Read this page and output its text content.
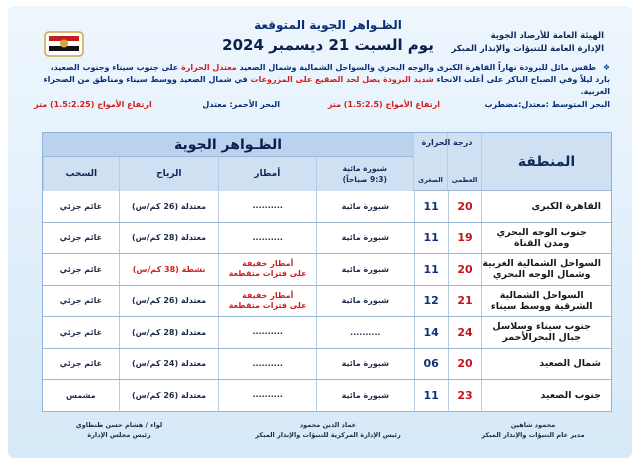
الهيئة العامة للأرصاد الجوية
الإدارة العامة للتنبؤات والإنذار المبكر
الظـواهر الجوية المتوقعة
يوم السبت 21 ديسمبر 2024
❖ طقس مائل للبرودة نهاراً القاهرة الكبرى والوجه البحري والسواحل الشمالية وشمال الصعيد معتدل الحرارة على جنوب سيناء وجنوب الصعيد،
بارد ليلاً وفي الصباح الباكر على أغلب الانحاء شديد البرودة يصل لحد الصقيع على المزروعات في شمال الصعيد ووسط سيناء ومناطق من الصحراء الغربية.
البحر المتوسط :معتدل:مضطرب
ارتفاع الأمواج (1.5:2.5) متر
البحر الأحمر: معتدل
ارتفاع الأمواج (1.5:2.25) متر
المنطقة
العظمى
الصغرى
الظـواهر الجوية
السحب	الرياح	أمطار
شبورة مائية
(9:3 صباحاً)
درجة الحرارة
القاهرة الكبرى
20
11
شبورة مائية
..........
معتدلة (26 كم/س)
غائم جزئي
جنوب الوجه البحري ومدن القناة
19
11
شبورة مائية
..........
معتدلة (28 كم/س)
غائم جزئي
السواحل الشمالية الغربية وشمال الوجه البحري
20
11
شبورة مائية
أمطار خفيفة
على فترات متقطعة
نشطة (38 كم/س)
غائم جزئي
السواحل الشمالية الشرقية ووسط سيناء
21
12
شبورة مائية
أمطار خفيفة
على فترات متقطعة
معتدلة (26 كم/س)
غائم جزئي
جنوب سيناء وسلاسل جبال البحرالأحمر
24
14
..........
..........
معتدلة (28 كم/س)
غائم جزئي
شمال الصعيد
20
06
شبورة مائية
..........
معتدلة (24 كم/س)
غائم جزئي
جنوب الصعيد
23
11
شبورة مائية
..........
معتدلة (26 كم/س)
مشمس
محمود شاهين
مدير عام التنبؤات والإنذار المبكر
عماد الدين محمود
رئيس الإدارة المركزية للتنبؤات والإنذار المبكر
لواء / هشام حسن طنطاوي
رئيس مجلس الإدارة
